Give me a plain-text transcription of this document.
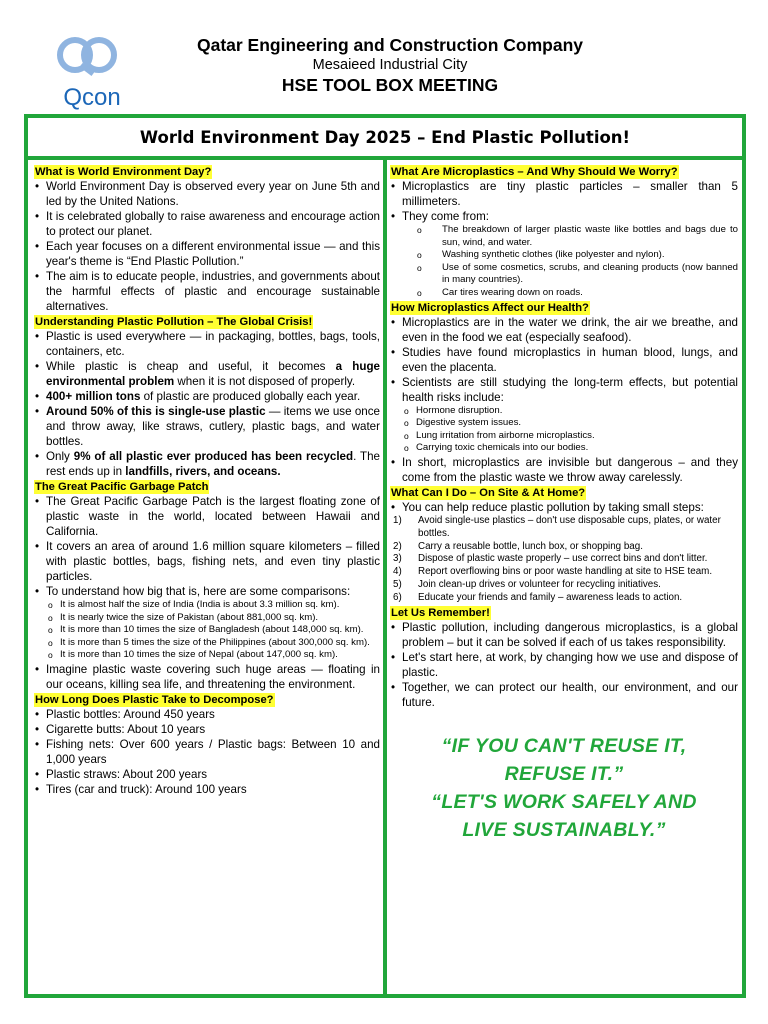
Qcon
Qatar Engineering and Construction Company
Mesaieed Industrial City
HSE TOOL BOX MEETING
World Environment Day 2025 – End Plastic Pollution!
What is World Environment Day?
• World Environment Day is observed every year on June 5th and led by the United Nations.
• It is celebrated globally to raise awareness and encourage action to protect our planet.
• Each year focuses on a different environmental issue — and this year's theme is “End Plastic Pollution.”
• The aim is to educate people, industries, and governments about the harmful effects of plastic and encourage sustainable alternatives.
Understanding Plastic Pollution – The Global Crisis!
• Plastic is used everywhere — in packaging, bottles, bags, tools, containers, etc.
• While plastic is cheap and useful, it becomes a huge environmental problem when it is not disposed of properly.
• 400+ million tons of plastic are produced globally each year.
• Around 50% of this is single-use plastic — items we use once and throw away, like straws, cutlery, plastic bags, and water bottles.
• Only 9% of all plastic ever produced has been recycled. The rest ends up in landfills, rivers, and oceans.
The Great Pacific Garbage Patch
• The Great Pacific Garbage Patch is the largest floating zone of plastic waste in the world, located between Hawaii and California.
• It covers an area of around 1.6 million square kilometers – filled with plastic bottles, bags, fishing nets, and even tiny plastic particles.
• To understand how big that is, here are some comparisons:
o It is almost half the size of India (India is about 3.3 million sq. km).
o It is nearly twice the size of Pakistan (about 881,000 sq. km).
o It is more than 10 times the size of Bangladesh (about 148,000 sq. km).
o It is more than 5 times the size of the Philippines (about 300,000 sq. km).
o It is more than 10 times the size of Nepal (about 147,000 sq. km).
• Imagine plastic waste covering such huge areas — floating in our oceans, killing sea life, and threatening the environment.
How Long Does Plastic Take to Decompose?
• Plastic bottles: Around 450 years
• Cigarette butts: About 10 years
• Fishing nets: Over 600 years / Plastic bags: Between 10 and 1,000 years
• Plastic straws: About 200 years
• Tires (car and truck): Around 100 years
What Are Microplastics – And Why Should We Worry?
• Microplastics are tiny plastic particles – smaller than 5 millimeters.
• They come from:
o The breakdown of larger plastic waste like bottles and bags due to sun, wind, and water.
o Washing synthetic clothes (like polyester and nylon).
o Use of some cosmetics, scrubs, and cleaning products (now banned in many countries).
o Car tires wearing down on roads.
How Microplastics Affect our Health?
• Microplastics are in the water we drink, the air we breathe, and even in the food we eat (especially seafood).
• Studies have found microplastics in human blood, lungs, and even the placenta.
• Scientists are still studying the long-term effects, but potential health risks include:
o Hormone disruption.
o Digestive system issues.
o Lung irritation from airborne microplastics.
o Carrying toxic chemicals into our bodies.
• In short, microplastics are invisible but dangerous – and they come from the plastic waste we throw away carelessly.
What Can I Do – On Site & At Home?
• You can help reduce plastic pollution by taking small steps:
1) Avoid single-use plastics – don't use disposable cups, plates, or water bottles.
2) Carry a reusable bottle, lunch box, or shopping bag.
3) Dispose of plastic waste properly – use correct bins and don't litter.
4) Report overflowing bins or poor waste handling at site to HSE team.
5) Join clean-up drives or volunteer for recycling initiatives.
6) Educate your friends and family – awareness leads to action.
Let Us Remember!
• Plastic pollution, including dangerous microplastics, is a global problem – but it can be solved if each of us takes responsibility.
• Let's start here, at work, by changing how we use and dispose of plastic.
• Together, we can protect our health, our environment, and our future.
“IF YOU CAN'T REUSE IT,
REFUSE IT.”
“LET'S WORK SAFELY AND
LIVE SUSTAINABLY.”
